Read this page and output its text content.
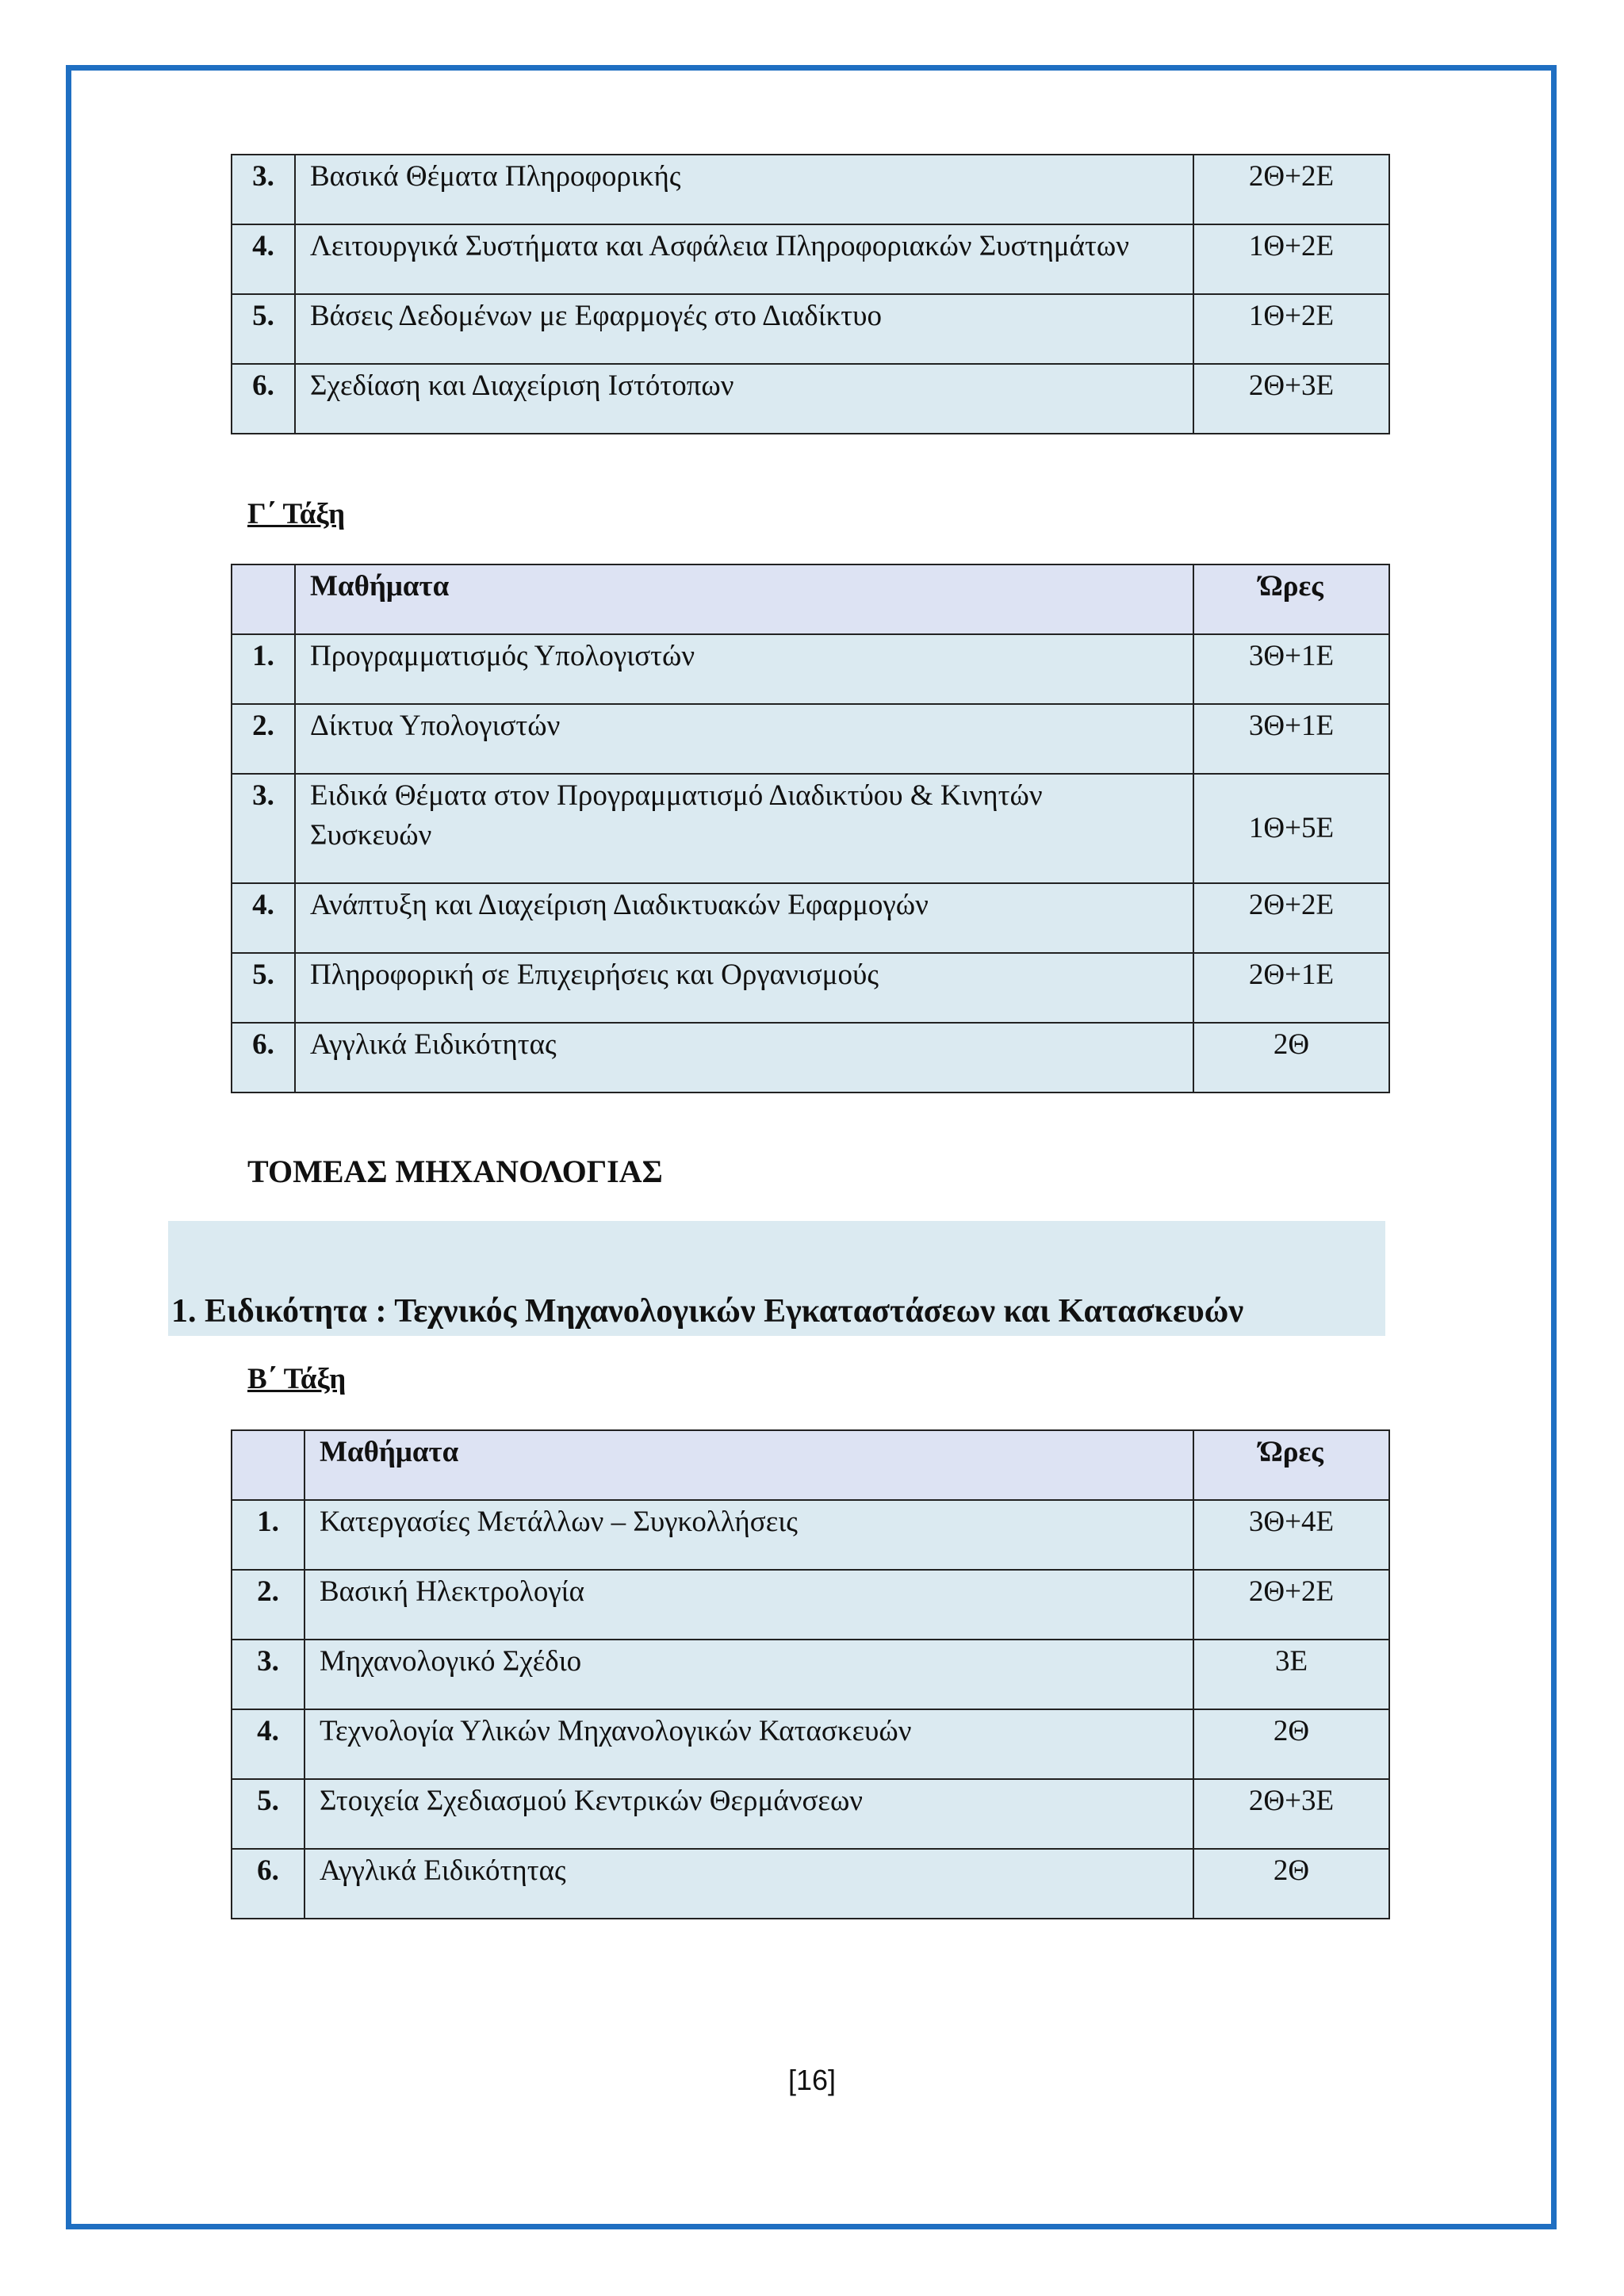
3.	Βασικά Θέματα Πληροφορικής	2Θ+2Ε
4.	Λειτουργικά Συστήματα και Ασφάλεια Πληροφοριακών Συστημάτων	1Θ+2Ε
5.	Βάσεις Δεδομένων με Εφαρμογές στο Διαδίκτυο	1Θ+2Ε
6.	Σχεδίαση και Διαχείριση Ιστότοπων	2Θ+3Ε
Γ΄ Τάξη
	Μαθήματα	Ώρες
1.	Προγραμματισμός Υπολογιστών	3Θ+1Ε
2.	Δίκτυα Υπολογιστών	3Θ+1Ε
3.	Ειδικά Θέματα στον Προγραμματισμό Διαδικτύου & Κινητών
Συσκευών	1Θ+5Ε
4.	Ανάπτυξη και Διαχείριση Διαδικτυακών Εφαρμογών	2Θ+2Ε
5.	Πληροφορική σε Επιχειρήσεις και Οργανισμούς	2Θ+1Ε
6.	Αγγλικά Ειδικότητας	2Θ
ΤΟΜΕΑΣ ΜΗΧΑΝΟΛΟΓΙΑΣ
1. Ειδικότητα : Τεχνικός Μηχανολογικών Εγκαταστάσεων και Κατασκευών
Β΄ Τάξη
	Μαθήματα	Ώρες
1.	Κατεργασίες Μετάλλων – Συγκολλήσεις	3Θ+4Ε
2.	Βασική Ηλεκτρολογία	2Θ+2Ε
3.	Μηχανολογικό Σχέδιο	3Ε
4.	Τεχνολογία Υλικών Μηχανολογικών Κατασκευών	2Θ
5.	Στοιχεία Σχεδιασμού Κεντρικών Θερμάνσεων	2Θ+3Ε
6.	Αγγλικά Ειδικότητας	2Θ
[16]
